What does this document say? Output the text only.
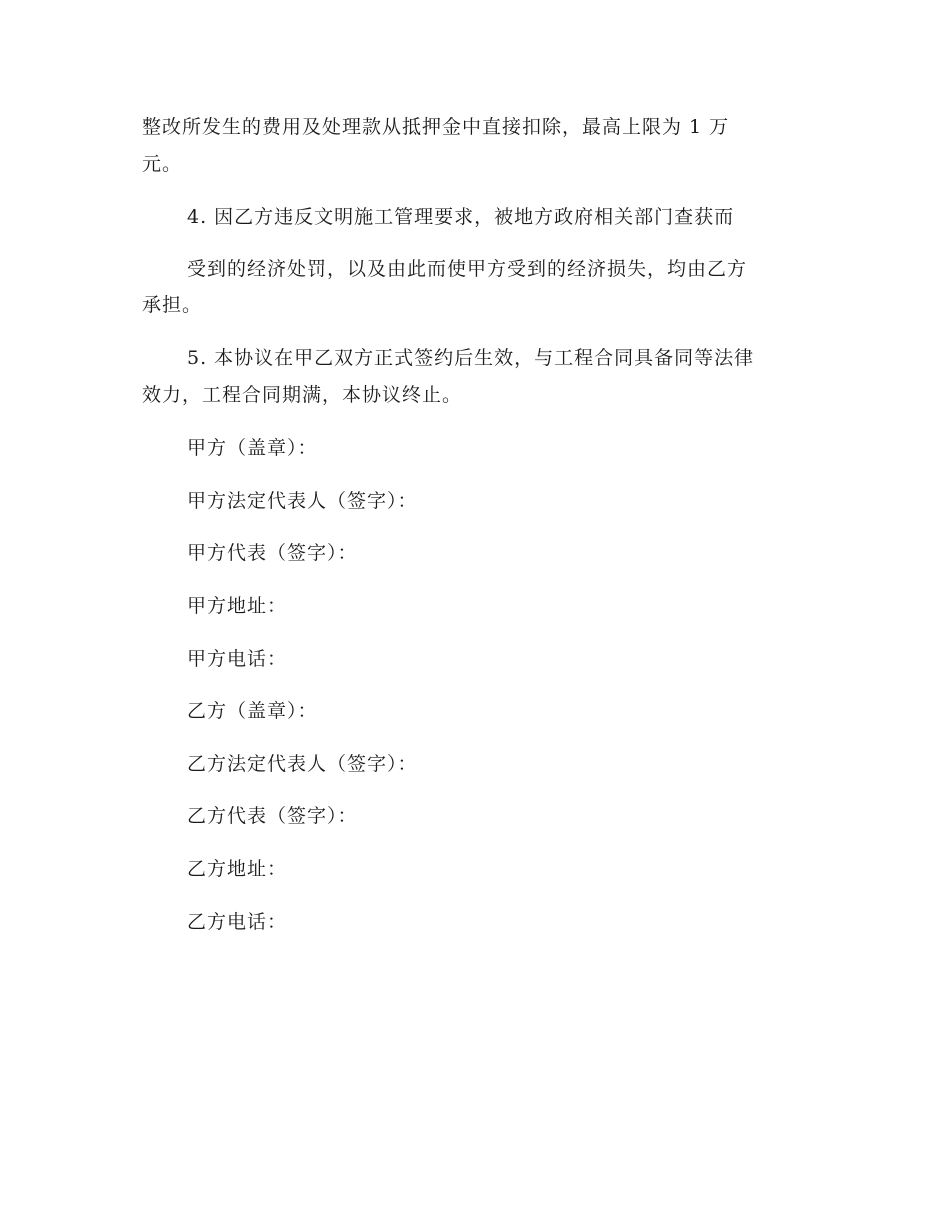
整改所发生的费用及处理款从抵押金中直接扣除，最高上限为 1 万
元。
4. 因乙方违反文明施工管理要求，被地方政府相关部门查获而
受到的经济处罚，以及由此而使甲方受到的经济损失，均由乙方
承担。
5. 本协议在甲乙双方正式签约后生效，与工程合同具备同等法律
效力，工程合同期满，本协议终止。
甲方（盖章）：
甲方法定代表人（签字）：
甲方代表（签字）：
甲方地址：
甲方电话：
乙方（盖章）：
乙方法定代表人（签字）：
乙方代表（签字）：
乙方地址：
乙方电话：
